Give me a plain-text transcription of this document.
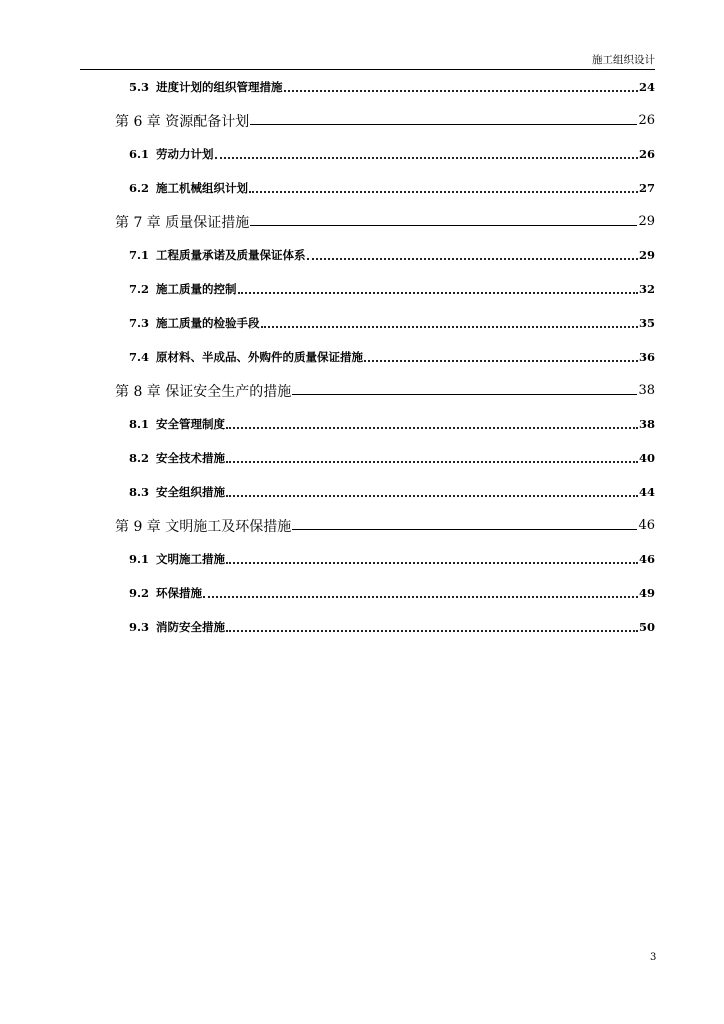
施工组织设计
5.3 进度计划的组织管理措施	24
第 6 章 资源配备计划	26
6.1 劳动力计划	26
6.2 施工机械组织计划	27
第 7 章 质量保证措施	29
7.1 工程质量承诺及质量保证体系	29
7.2 施工质量的控制	32
7.3 施工质量的检验手段	35
7.4 原材料、半成品、外购件的质量保证措施	36
第 8 章 保证安全生产的措施	38
8.1 安全管理制度	38
8.2 安全技术措施	40
8.3 安全组织措施	44
第 9 章 文明施工及环保措施	46
9.1 文明施工措施	46
9.2 环保措施	49
9.3 消防安全措施	50
3
